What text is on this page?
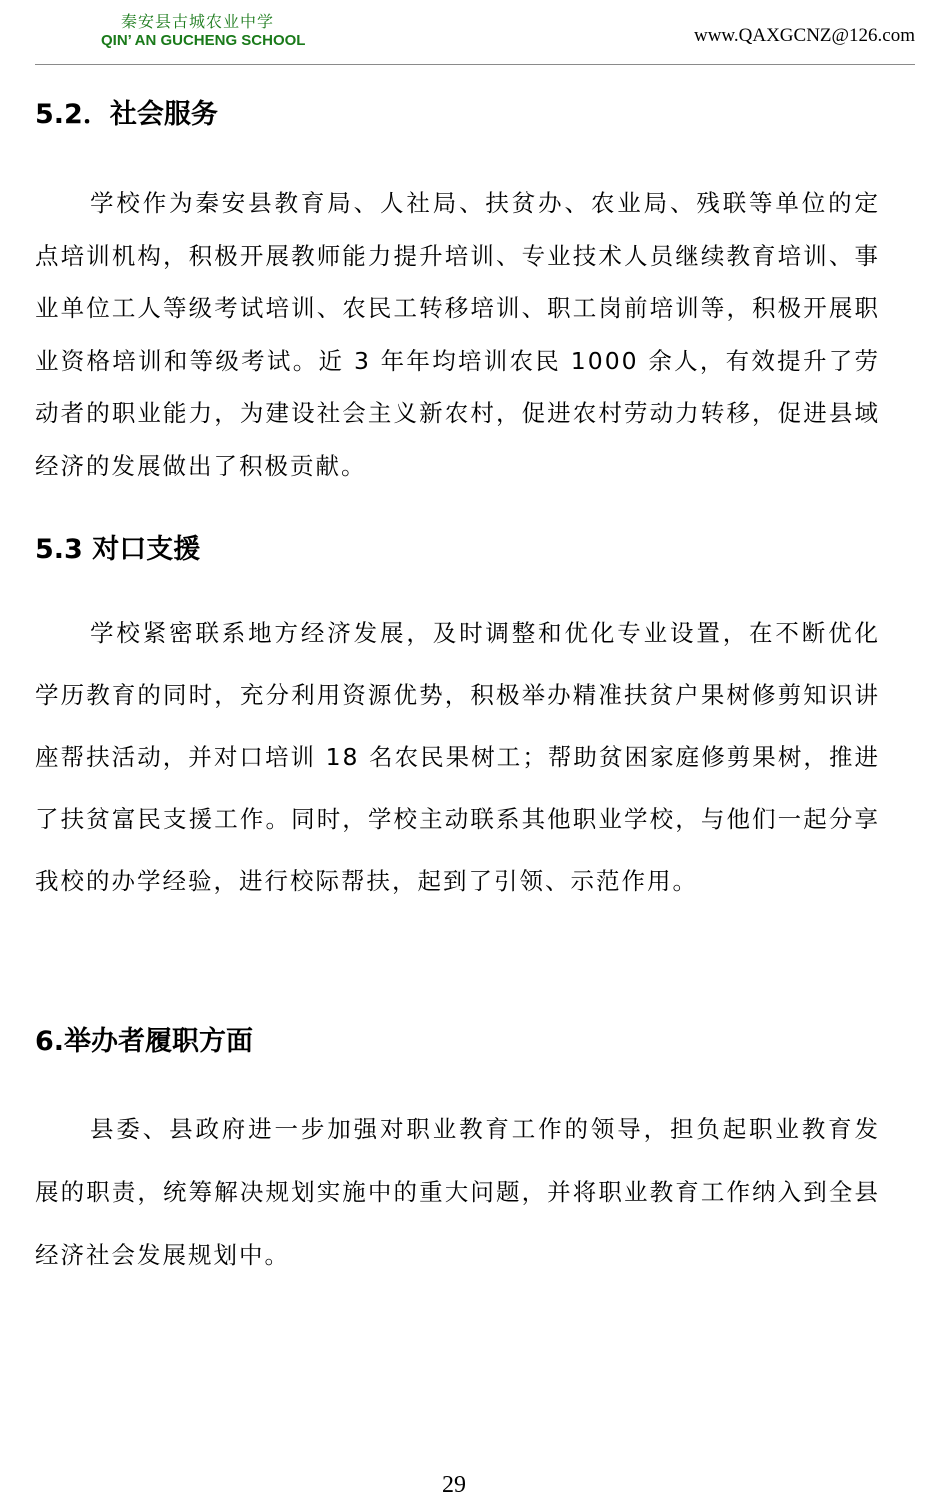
秦安县古城农业中学
QIN’ AN GUCHENG SCHOOL	www.QAXGCNZ@126.com
5.2．社会服务

学校作为秦安县教育局、人社局、扶贫办、农业局、残联等单位的定点培训机构，积极开展教师能力提升培训、专业技术人员继续教育培训、事业单位工人等级考试培训、农民工转移培训、职工岗前培训等，积极开展职业资格培训和等级考试。近 3 年年均培训农民 1000 余人，有效提升了劳动者的职业能力，为建设社会主义新农村，促进农村劳动力转移，促进县域经济的发展做出了积极贡献。

5.3 对口支援

学校紧密联系地方经济发展，及时调整和优化专业设置，在不断优化学历教育的同时，充分利用资源优势，积极举办精准扶贫户果树修剪知识讲座帮扶活动，并对口培训 18 名农民果树工；帮助贫困家庭修剪果树，推进了扶贫富民支援工作。同时，学校主动联系其他职业学校，与他们一起分享我校的办学经验，进行校际帮扶，起到了引领、示范作用。

6.举办者履职方面

县委、县政府进一步加强对职业教育工作的领导，担负起职业教育发展的职责，统筹解决规划实施中的重大问题，并将职业教育工作纳入到全县经济社会发展规划中。

29
